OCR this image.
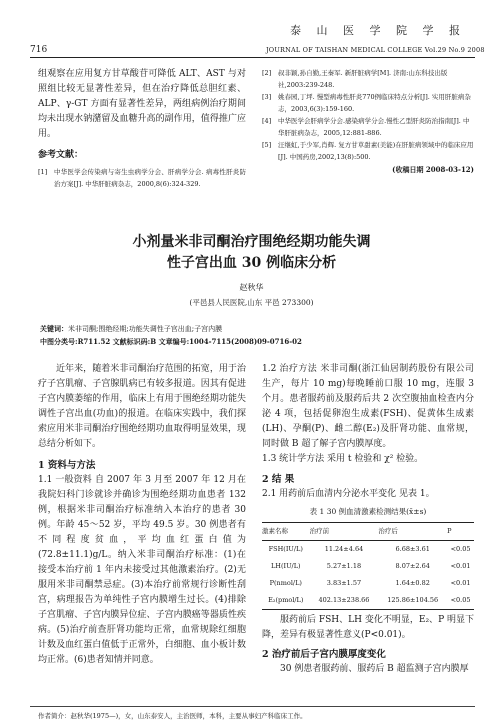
716
泰 山 医 学 院 学 报
JOURNAL OF TAISHAN MEDICAL COLLEGE Vol.29 No.9 2008

组观察在应用复方甘草酸苷可降低 ALT、AST 与对照组比较无显著性差异，但在治疗降低总胆红素、ALP、γ-GT 方面有显著性差异，两组病例治疗期间均未出现水钠潴留及血糖升高的副作用，值得推广应用。

参考文献：

[1]	中华医学会传染病与寄生虫病学分会、肝病学分会. 病毒性肝炎防治方案[J]. 中华肝脏病杂志，2000,8(6):324-329.
[2]	叔非颖,孙自勤,王秦军. 新肝脏病学[M]. 济南:山东科技出版社,2003:239-248.
[3]	姚春园,丁坪. 慢型病毒性肝炎770例临床特点分析[J]. 实用肝脏病杂志，2003,6(3):159-160.
[4]	中华医学会肝病学分会.感染病学分会.慢性乙型肝炎防治指南[J]. 中华肝脏病杂志，2005,12:881-886.
[5]	汪继虹,于少军,肖辉. 复方甘草甜素(美能)在肝脏病领域中的临床应用[J]. 中国药房,2002,13(8):500.
(收稿日期 2008-03-12)
小剂量米非司酮治疗围绝经期功能失调
性子宫出血 30 例临床分析
赵秋华
(平邑县人民医院,山东 平邑 273300)
关键词：米非司酮;围绝经期;功能失调性子宫出血;子宫内膜
中图分类号:R711.52 文献标识码:B 文章编号:1004-7115(2008)09-0716-02

近年来，随着米非司酮治疗范围的拓宽，用于治疗子宫肌瘤、子宫腺肌病已有较多报道。因其有促进子宫内膜萎缩的作用，临床上有用于围绝经期功能失调性子宫出血(功血)的报道。在临床实践中，我们探索应用米非司酮治疗围绝经期功血取得明显效果，现总结分析如下。

1 资料与方法

1.1 一般资料 自 2007 年 3 月至 2007 年 12 月在我院妇科门诊就诊并确诊为围绝经期功血患者 132 例，根据米非司酮治疗标准纳入本治疗的患者 30 例。年龄 45～52 岁，平均 49.5 岁。30 例患者有不同程度贫血，平均血红蛋白值为(72.8±11.1)g/L。纳入米非司酮治疗标准：(1)在接受本治疗前 1 年内未接受过其他激素治疗。(2)无服用米非司酮禁忌症。(3)本治疗前常规行诊断性刮宫，病理报告为单纯性子宫内膜增生过长。(4)排除子宫肌瘤、子宫内膜异位症、子宫内膜癌等器质性疾病。(5)治疗前查肝肾功能均正常，血常规除红细胞计数及血红蛋白值低于正常外，白细胞、血小板计数均正常。(6)患者知情并同意。

1.2 治疗方法 米非司酮(浙江仙居制药股份有限公司生产，每片 10 mg)每晚睡前口服 10 mg，连服 3 个月。患者服药前及服药后共 2 次空腹抽血检查内分泌 4 项，包括促卵泡生成素(FSH)、促黄体生成素(LH)、孕酮(P)、雌二醇(E₂)及肝肾功能、血常规，同时做 B 超了解子宫内膜厚度。

1.3 统计学方法 采用 t 检验和 χ² 检验。

2 结 果

2.1 用药前后血清内分泌水平变化 见表 1。

表 1 30 例血清激素检测结果(x̄±s)
激素名称	治疗前	治疗后	P
FSH(IU/L)	11.24±4.64	6.68±3.61	<0.05
LH(IU/L)	5.27±1.18	8.07±2.64	<0.01
P(nmol/L)	3.83±1.57	1.64±0.82	<0.01
E₂(pmol/L)	402.13±238.66	125.86±104.56	<0.05

服药前后 FSH、LH 变化不明显，E₂、P 明显下降，差异有极显著性意义(P<0.01)。

2 治疗前后子宫内膜厚度变化

30 例患者服药前、服药后 B 超监测子宫内膜厚

作者简介：赵秋华(1975—)，女，山东泰安人，主治医师，本科，主要从事妇产科临床工作。
